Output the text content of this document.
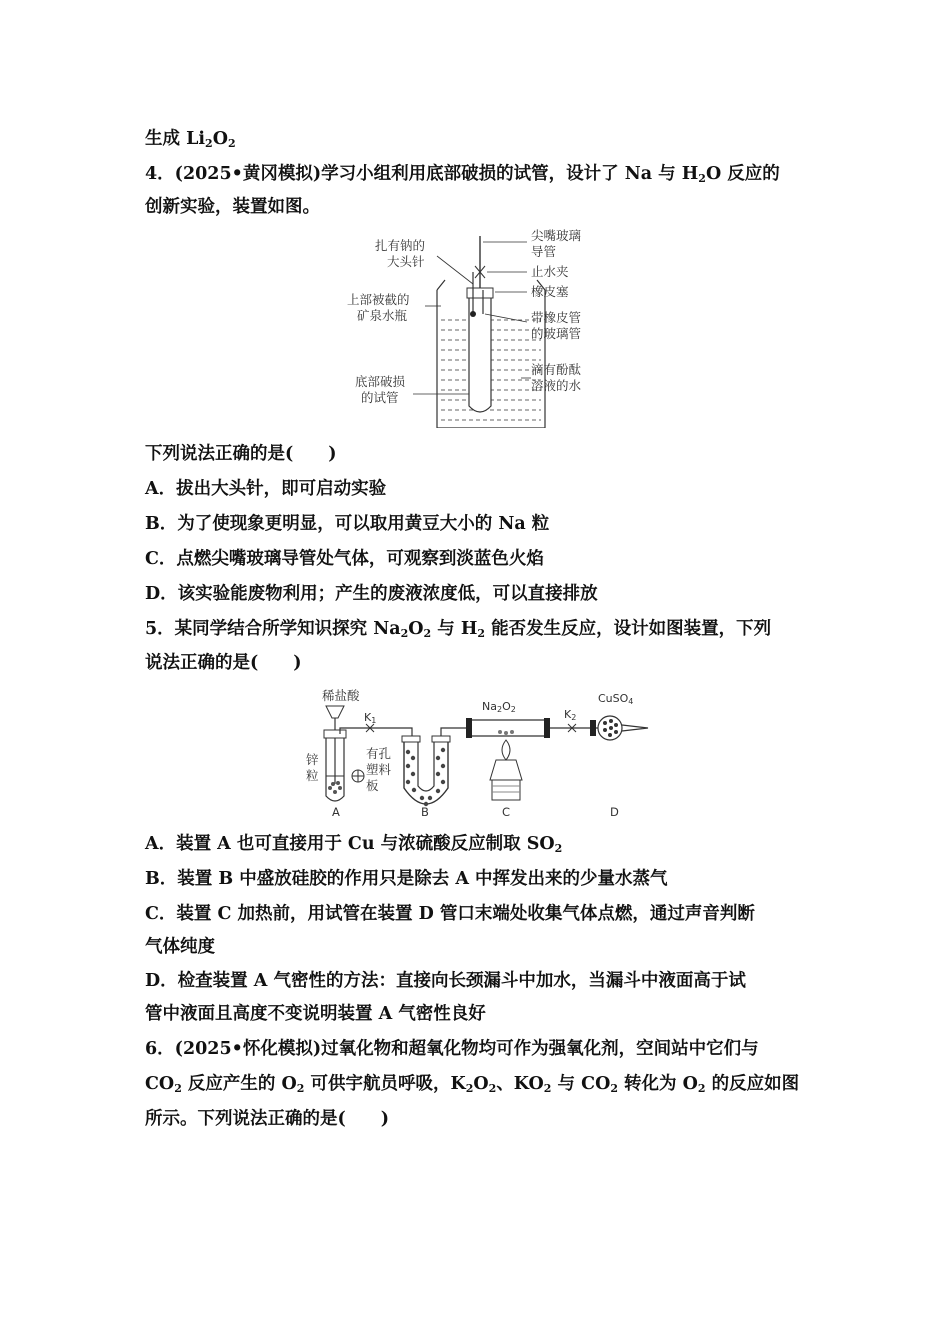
生成 $Li_2O_2$
4．(2025•黄冈模拟)学习小组利用底部破损的试管，设计了 Na 与 $H_2O$ 反应的
创新实验，装置如图。
扎有钠的
大头针
上部被截的
矿泉水瓶
底部破损
的试管
尖嘴玻璃
导管
止水夹
橡皮塞
带橡皮管
的玻璃管
滴有酚酞
溶液的水
下列说法正确的是(　　)
A．拔出大头针，即可启动实验
B．为了使现象更明显，可以取用黄豆大小的 Na 粒
C．点燃尖嘴玻璃导管处气体，可观察到淡蓝色火焰
D．该实验能废物利用；产生的废液浓度低，可以直接排放
5．某同学结合所学知识探究 $Na_2O_2$ 与 $H_2$ 能否发生反应，设计如图装置，下列
说法正确的是(　　)
稀盐酸
K1
锌
粒
有孔
塑料
板
Na2O2	K2
CuSO4
A	B	C	D
A．装置 A 也可直接用于 Cu 与浓硫酸反应制取 $SO_2$
B．装置 B 中盛放硅胶的作用只是除去 A 中挥发出来的少量水蒸气
C．装置 C 加热前，用试管在装置 D 管口末端处收集气体点燃，通过声音判断
气体纯度
D．检查装置 A 气密性的方法：直接向长颈漏斗中加水，当漏斗中液面高于试
管中液面且高度不变说明装置 A 气密性良好
6．(2025•怀化模拟)过氧化物和超氧化物均可作为强氧化剂，空间站中它们与
$CO_2$ 反应产生的 $O_2$ 可供宇航员呼吸，$K_2O_2$、$KO_2$ 与 $CO_2$ 转化为 $O_2$ 的反应如图
所示。下列说法正确的是(　　)
